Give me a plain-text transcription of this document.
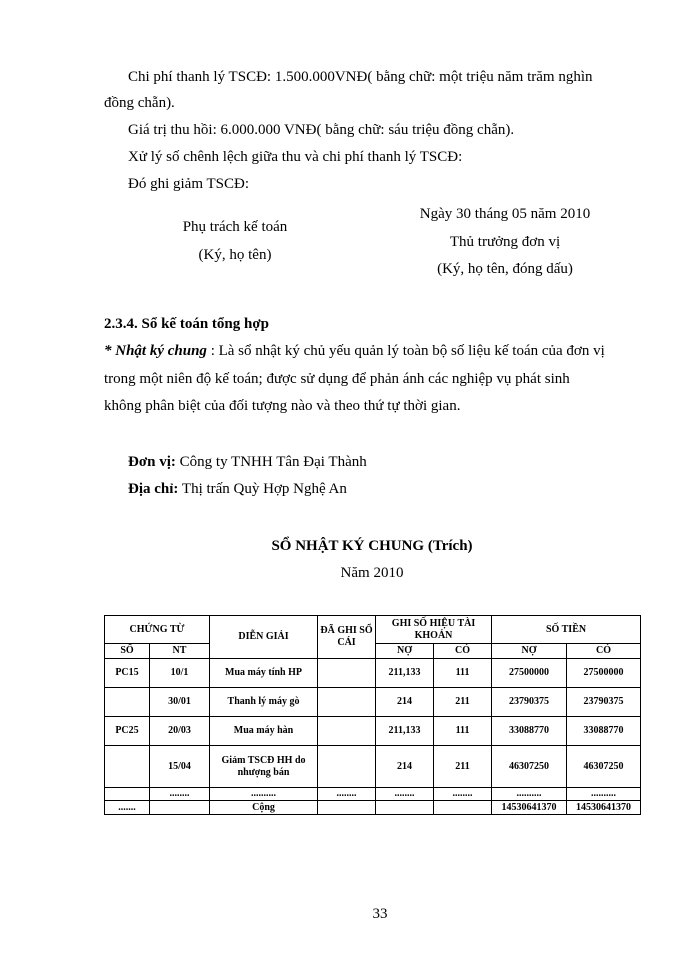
Chi phí thanh lý TSCĐ: 1.500.000VNĐ( bằng chữ: một triệu năm trăm nghìn
đồng chẵn).
Giá trị thu hồi: 6.000.000 VNĐ( bằng chữ: sáu triệu đồng chẵn).
Xử lý số chênh lệch giữa thu và chi phí thanh lý TSCĐ:
Đó ghi giảm TSCĐ:
Ngày 30 tháng 05 năm 2010
Phụ trách kế toán
Thủ trưởng đơn vị
(Ký, họ tên)
(Ký, họ tên, đóng dấu)
2.3.4. Sổ kế toán tổng hợp
* Nhật ký chung : Là sổ nhật ký chủ yếu quản lý toàn bộ số liệu kế toán của đơn vị
trong một niên độ kế toán; được sử dụng để phản ánh các nghiệp vụ phát sinh
không phân biệt của đối tượng nào và theo thứ tự thời gian.
Đơn vị: Công ty TNHH Tân Đại Thành
Địa chỉ: Thị trấn Quỳ Hợp Nghệ An
SỔ NHẬT KÝ CHUNG (Trích)
Năm 2010
CHỨNG TỪ		DIỄN GIẢI	ĐÃ GHI SỔ CÁI	GHI SỐ HIỆU TÀI KHOẢN		SỐ TIỀN	
SỐ	NT			NỢ	CÓ	NỢ	CÓ
PC15	10/1	Mua máy tính HP		211,133	111	27500000	27500000
	30/01	Thanh lý máy gò		214	211	23790375	23790375
PC25	20/03	Mua máy hàn		211,133	111	33088770	33088770
	15/04	Giảm TSCĐ HH do nhượng bán		214	211	46307250	46307250
	........	..........	........	........	........	..........	..........
.......		Cộng				14530641370	14530641370
33
